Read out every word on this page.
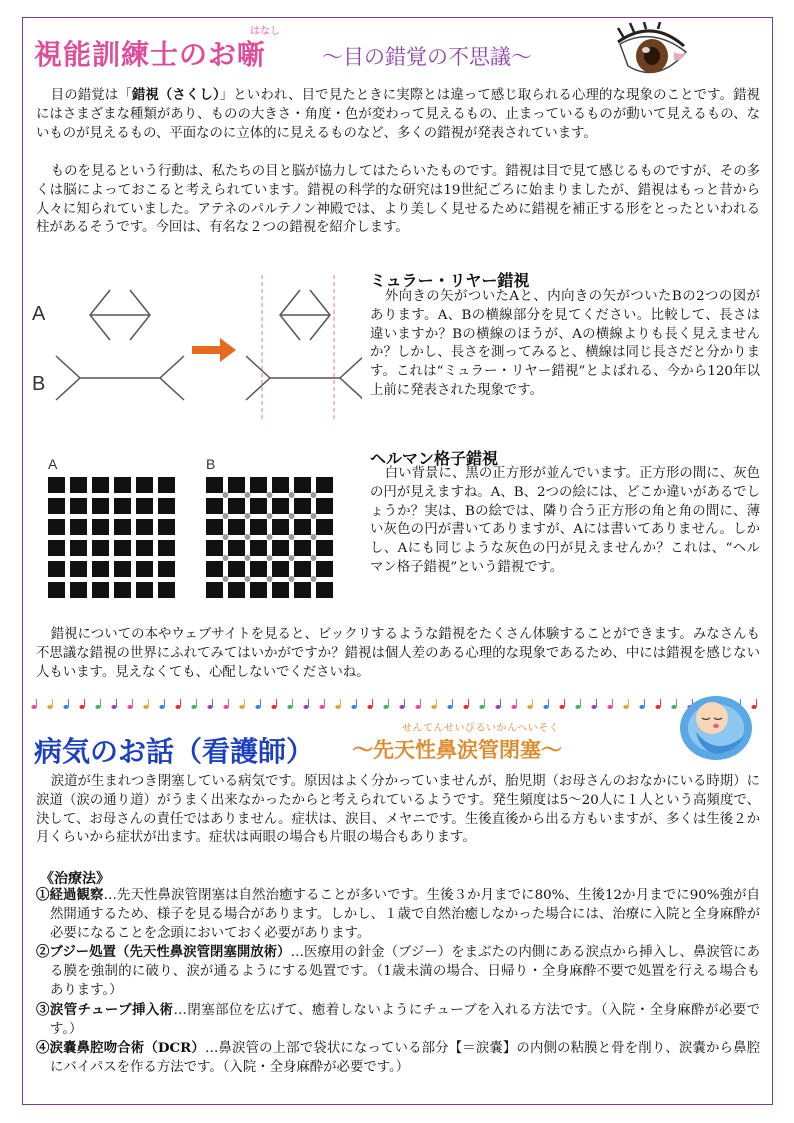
はなし
視能訓練士のお噺	～目の錯覚の不思議～
目の錯覚は「錯視（さくし）」といわれ、目で見たときに実際とは違って感じ取られる心理的な現象のことです。錯視にはさまざまな種類があり、ものの大きさ・角度・色が変わって見えるもの、止まっているものが動いて見えるもの、ないものが見えるもの、平面なのに立体的に見えるものなど、多くの錯視が発表されています。
ものを見るという行動は、私たちの目と脳が協力してはたらいたものです。錯視は目で見て感じるものですが、その多くは脳によっておこると考えられています。錯視の科学的な研究は19世紀ごろに始まりましたが、錯視はもっと昔から人々に知られていました。アテネのパルテノン神殿では、より美しく見せるために錯視を補正する形をとったといわれる柱があるそうです。今回は、有名な２つの錯視を紹介します。
A
B
ミュラー・リヤー錯視
外向きの矢がついたAと、内向きの矢がついたBの2つの図があります。A、Bの横線部分を見てください。比較して、長さは違いますか？Bの横線のほうが、Aの横線よりも長く見えませんか？しかし、長さを測ってみると、横線は同じ長さだと分かります。これは“ミュラー・リヤー錯視”とよばれる、今から120年以上前に発表された現象です。
A	B	ヘルマン格子錯視
白い背景に、黒の正方形が並んでいます。正方形の間に、灰色の円が見えますね。A、B、2つの絵には、どこか違いがあるでしょうか？実は、Bの絵では、隣り合う正方形の角と角の間に、薄い灰色の円が書いてありますが、Aには書いてありません。しかし、Aにも同じような灰色の円が見えませんか？これは、“ヘルマン格子錯視”という錯視です。
錯視についての本やウェブサイトを見ると、ビックリするような錯視をたくさん体験することができます。みなさんも不思議な錯視の世界にふれてみてはいかがですか？錯視は個人差のある心理的な現象であるため、中には錯視を感じない人もいます。見えなくても、心配しないでくださいね。
せんてんせいびるいかんへいそく
病気のお話（看護師） ～先天性鼻涙管閉塞～
涙道が生まれつき閉塞している病気です。原因はよく分かっていませんが、胎児期（お母さんのおなかにいる時期）に涙道（涙の通り道）がうまく出来なかったからと考えられているようです。発生頻度は5～20人に１人という高頻度で、決して、お母さんの責任ではありません。症状は、涙目、メヤニです。生後直後から出る方もいますが、多くは生後２か月くらいから症状が出ます。症状は両眼の場合も片眼の場合もあります。
《治療法》
①経過観察…先天性鼻涙管閉塞は自然治癒することが多いです。生後３か月までに80%、生後12か月までに90%強が自然開通するため、様子を見る場合があります。しかし、１歳で自然治癒しなかった場合には、治療に入院と全身麻酔が必要になることを念頭においておく必要があります。
②ブジー処置（先天性鼻涙管閉塞開放術）…医療用の針金（ブジー）をまぶたの内側にある涙点から挿入し、鼻涙管にある膜を強制的に破り、涙が通るようにする処置です。（1歳未満の場合、日帰り・全身麻酔不要で処置を行える場合もあります。）
③涙管チューブ挿入術…閉塞部位を広げて、癒着しないようにチューブを入れる方法です。（入院・全身麻酔が必要です。）
④涙嚢鼻腔吻合術（DCR）…鼻涙管の上部で袋状になっている部分【＝涙嚢】の内側の粘膜と骨を削り、涙嚢から鼻腔にバイパスを作る方法です。（入院・全身麻酔が必要です。）
